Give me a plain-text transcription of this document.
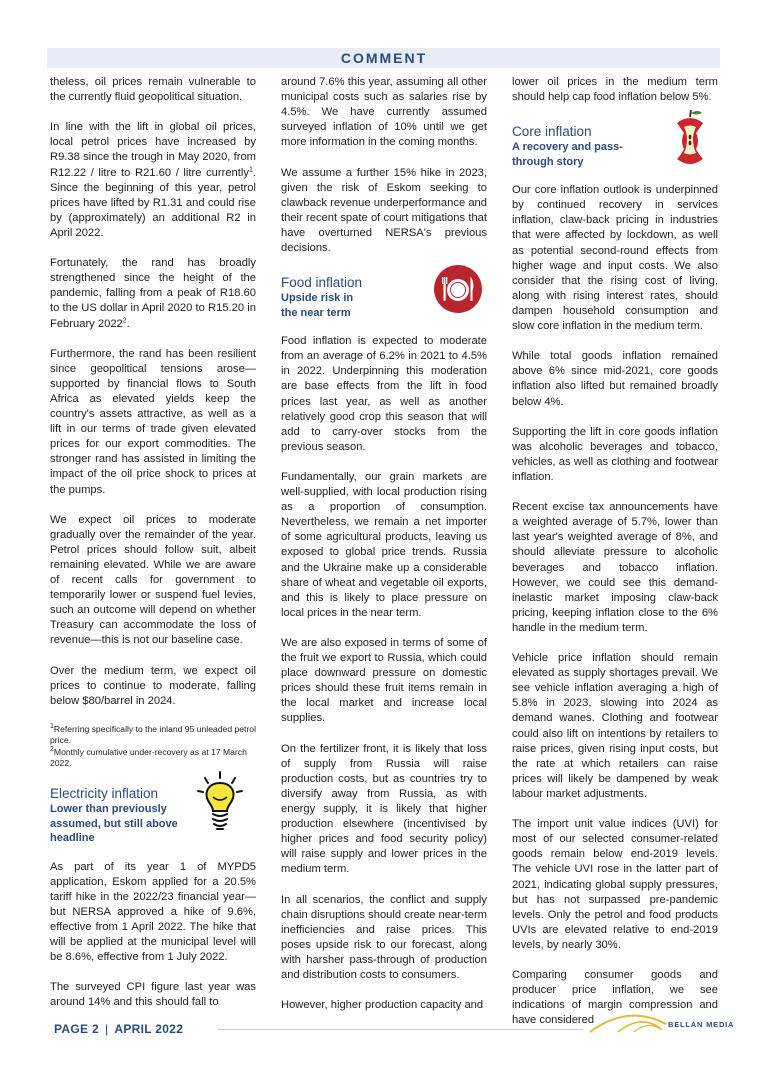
COMMENT

theless, oil prices remain vulnerable to the currently fluid geopolitical situation.

In line with the lift in global oil prices, local petrol prices have increased by R9.38 since the trough in May 2020, from R12.22 / litre to R21.60 / litre currently$^1$. Since the beginning of this year, petrol prices have lifted by R1.31 and could rise by (approximately) an additional R2 in April 2022.

Fortunately, the rand has broadly strengthened since the height of the pandemic, falling from a peak of R18.60 to the US dollar in April 2020 to R15.20 in February 2022$^2$.

Furthermore, the rand has been resilient since geopolitical tensions arose—supported by financial flows to South Africa as elevated yields keep the country's assets attractive, as well as a lift in our terms of trade given elevated prices for our export commodities. The stronger rand has assisted in limiting the impact of the oil price shock to prices at the pumps.

We expect oil prices to moderate gradually over the remainder of the year. Petrol prices should follow suit, albeit remaining elevated. While we are aware of recent calls for government to temporarily lower or suspend fuel levies, such an outcome will depend on whether Treasury can accommodate the loss of revenue—this is not our baseline case.

Over the medium term, we expect oil prices to continue to moderate, falling below $80/barrel in 2024.

$^1$Referring specifically to the inland 95 unleaded petrol price.
$^2$Monthly cumulative under-recovery as at 17 March 2022.
Electricity inflation
Lower than previously assumed, but still above headline

As part of its year 1 of MYPD5 application, Eskom applied for a 20.5% tariff hike in the 2022/23 financial year—but NERSA approved a hike of 9.6%, effective from 1 April 2022. The hike that will be applied at the municipal level will be 8.6%, effective from 1 July 2022.

The surveyed CPI figure last year was around 14% and this should fall to

around 7.6% this year, assuming all other municipal costs such as salaries rise by 4.5%. We have currently assumed surveyed inflation of 10% until we get more information in the coming months.

We assume a further 15% hike in 2023, given the risk of Eskom seeking to clawback revenue underperformance and their recent spate of court mitigations that have overturned NERSA's previous decisions.

Food inflation
Upside risk in the near term

Food inflation is expected to moderate from an average of 6.2% in 2021 to 4.5% in 2022. Underpinning this moderation are base effects from the lift in food prices last year, as well as another relatively good crop this season that will add to carry-over stocks from the previous season.

Fundamentally, our grain markets are well-supplied, with local production rising as a proportion of consumption. Nevertheless, we remain a net importer of some agricultural products, leaving us exposed to global price trends. Russia and the Ukraine make up a considerable share of wheat and vegetable oil exports, and this is likely to place pressure on local prices in the near term.

We are also exposed in terms of some of the fruit we export to Russia, which could place downward pressure on domestic prices should these fruit items remain in the local market and increase local supplies.

On the fertilizer front, it is likely that loss of supply from Russia will raise production costs, but as countries try to diversify away from Russia, as with energy supply, it is likely that higher production elsewhere (incentivised by higher prices and food security policy) will raise supply and lower prices in the medium term.

In all scenarios, the conflict and supply chain disruptions should create near-term inefficiencies and raise prices. This poses upside risk to our forecast, along with harsher pass-through of production and distribution costs to consumers.

However, higher production capacity and

lower oil prices in the medium term should help cap food inflation below 5%.

Core inflation
A recovery and pass-through story

Our core inflation outlook is underpinned by continued recovery in services inflation, claw-back pricing in industries that were affected by lockdown, as well as potential second-round effects from higher wage and input costs. We also consider that the rising cost of living, along with rising interest rates, should dampen household consumption and slow core inflation in the medium term.

While total goods inflation remained above 6% since mid-2021, core goods inflation also lifted but remained broadly below 4%.

Supporting the lift in core goods inflation was alcoholic beverages and tobacco, vehicles, as well as clothing and footwear inflation.

Recent excise tax announcements have a weighted average of 5.7%, lower than last year's weighted average of 8%, and should alleviate pressure to alcoholic beverages and tobacco inflation. However, we could see this demand-inelastic market imposing claw-back pricing, keeping inflation close to the 6% handle in the medium term.

Vehicle price inflation should remain elevated as supply shortages prevail. We see vehicle inflation averaging a high of 5.8% in 2023, slowing into 2024 as demand wanes. Clothing and footwear could also lift on intentions by retailers to raise prices, given rising input costs, but the rate at which retailers can raise prices will likely be dampened by weak labour market adjustments.

The import unit value indices (UVI) for most of our selected consumer-related goods remain below end-2019 levels. The vehicle UVI rose in the latter part of 2021, indicating global supply pressures, but has not surpassed pre-pandemic levels. Only the petrol and food products UVIs are elevated relative to end-2019 levels, by nearly 30%.

Comparing consumer goods and producer price inflation, we see indications of margin compression and have considered

PAGE 2 | APRIL 2022	BELLAN MEDIA
